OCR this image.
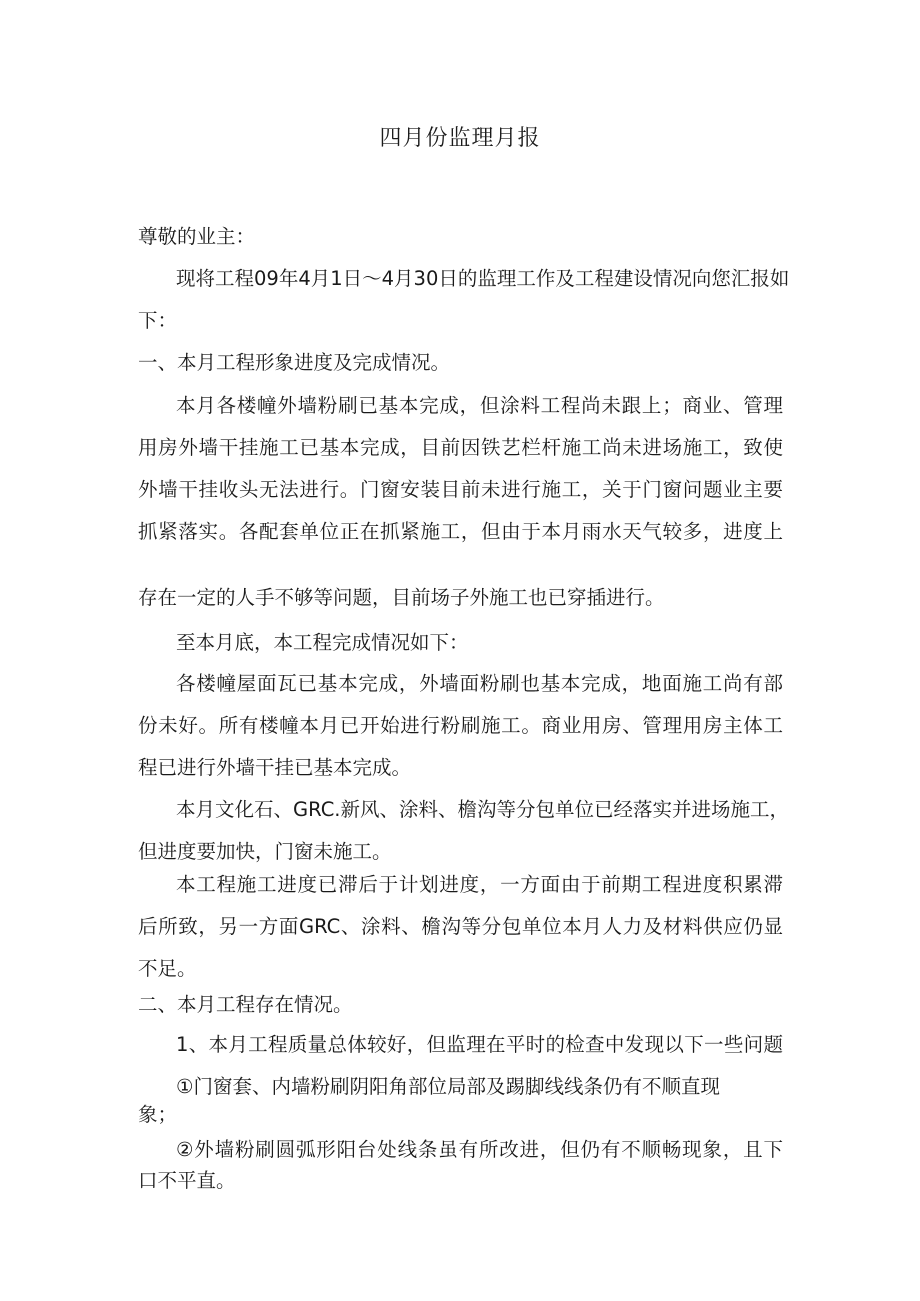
四月份监理月报
尊敬的业主：
现将工程09年4月1日～4月30日的监理工作及工程建设情况向您汇报如
下：
一、本月工程形象进度及完成情况。
本月各楼幢外墙粉刷已基本完成，但涂料工程尚未跟上；商业、管理
用房外墙干挂施工已基本完成，目前因铁艺栏杆施工尚未进场施工，致使
外墙干挂收头无法进行。门窗安装目前未进行施工，关于门窗问题业主要
抓紧落实。各配套单位正在抓紧施工，但由于本月雨水天气较多，进度上
存在一定的人手不够等问题，目前场子外施工也已穿插进行。
至本月底，本工程完成情况如下：
各楼幢屋面瓦已基本完成，外墙面粉刷也基本完成，地面施工尚有部
份未好。所有楼幢本月已开始进行粉刷施工。商业用房、管理用房主体工
程已进行外墙干挂已基本完成。
本月文化石、GRC.新风、涂料、檐沟等分包单位已经落实并进场施工，
但进度要加快，门窗未施工。
本工程施工进度已滞后于计划进度，一方面由于前期工程进度积累滞
后所致，另一方面GRC、涂料、檐沟等分包单位本月人力及材料供应仍显
不足。
二、本月工程存在情况。
1、本月工程质量总体较好，但监理在平时的检查中发现以下一些问题
①门窗套、内墙粉刷阴阳角部位局部及踢脚线线条仍有不顺直现
象；
②外墙粉刷圆弧形阳台处线条虽有所改进，但仍有不顺畅现象，且下
口不平直。
